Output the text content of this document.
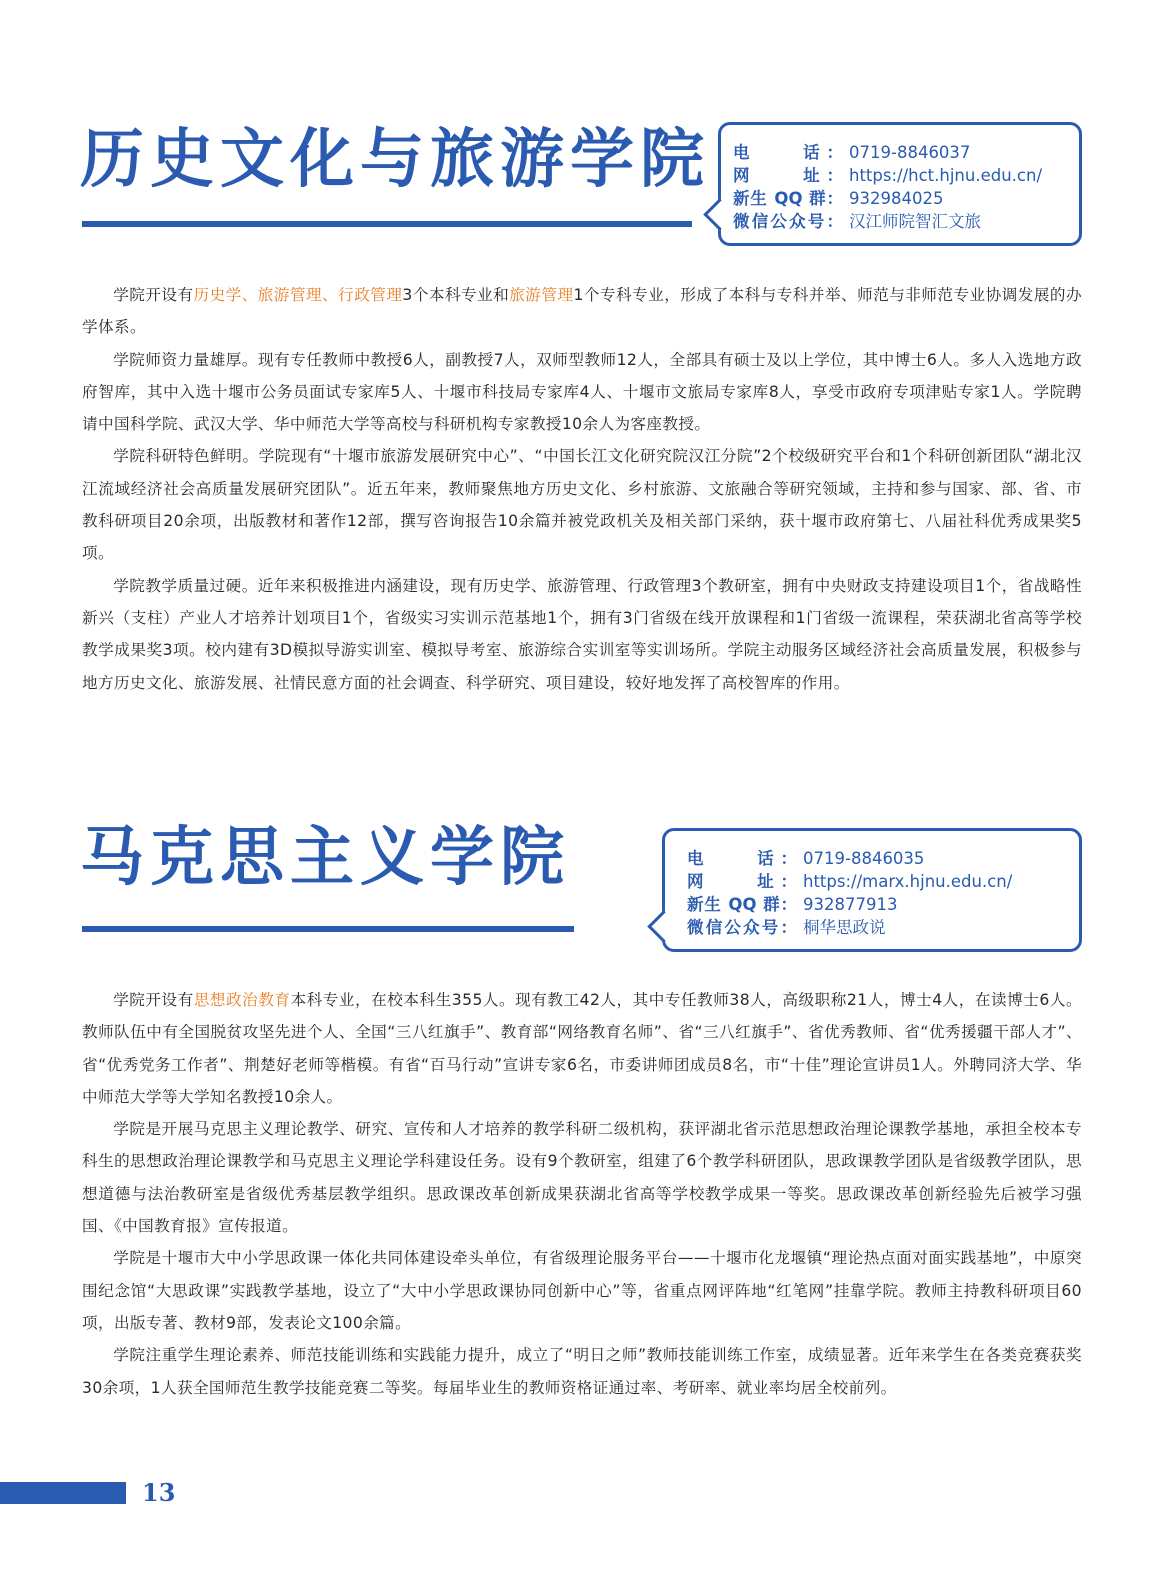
历史文化与旅游学院 电　　话： 0719-8846037
网　　址： https://hct.hjnu.edu.cn/
新生 QQ 群： 932984025
微信公众号： 汉江师院智汇文旅

学院开设有历史学、旅游管理、行政管理3个本科专业和旅游管理1个专科专业，形成了本科与专科并举、师范与非师范专业协调发展的办学体系。

学院师资力量雄厚。现有专任教师中教授6人，副教授7人，双师型教师12人，全部具有硕士及以上学位，其中博士6人。多人入选地方政府智库，其中入选十堰市公务员面试专家库5人、十堰市科技局专家库4人、十堰市文旅局专家库8人，享受市政府专项津贴专家1人。学院聘请中国科学院、武汉大学、华中师范大学等高校与科研机构专家教授10余人为客座教授。

学院科研特色鲜明。学院现有“十堰市旅游发展研究中心”、“中国长江文化研究院汉江分院”2个校级研究平台和1个科研创新团队“湖北汉江流域经济社会高质量发展研究团队”。近五年来，教师聚焦地方历史文化、乡村旅游、文旅融合等研究领域，主持和参与国家、部、省、市教科研项目20余项，出版教材和著作12部，撰写咨询报告10余篇并被党政机关及相关部门采纳，获十堰市政府第七、八届社科优秀成果奖5项。

学院教学质量过硬。近年来积极推进内涵建设，现有历史学、旅游管理、行政管理3个教研室，拥有中央财政支持建设项目1个，省战略性新兴（支柱）产业人才培养计划项目1个，省级实习实训示范基地1个，拥有3门省级在线开放课程和1门省级一流课程，荣获湖北省高等学校教学成果奖3项。校内建有3D模拟导游实训室、模拟导考室、旅游综合实训室等实训场所。学院主动服务区域经济社会高质量发展，积极参与地方历史文化、旅游发展、社情民意方面的社会调查、科学研究、项目建设，较好地发挥了高校智库的作用。

马克思主义学院	电　　话： 0719-8846035
网　　址： https://marx.hjnu.edu.cn/
新生 QQ 群： 932877913
微信公众号： 桐华思政说

学院开设有思想政治教育本科专业，在校本科生355人。现有教工42人，其中专任教师38人，高级职称21人，博士4人，在读博士6人。教师队伍中有全国脱贫攻坚先进个人、全国“三八红旗手”、教育部“网络教育名师”、省“三八红旗手”、省优秀教师、省“优秀援疆干部人才”、省“优秀党务工作者”、荆楚好老师等楷模。有省“百马行动”宣讲专家6名，市委讲师团成员8名，市“十佳”理论宣讲员1人。外聘同济大学、华中师范大学等大学知名教授10余人。

学院是开展马克思主义理论教学、研究、宣传和人才培养的教学科研二级机构，获评湖北省示范思想政治理论课教学基地，承担全校本专科生的思想政治理论课教学和马克思主义理论学科建设任务。设有9个教研室，组建了6个教学科研团队，思政课教学团队是省级教学团队，思想道德与法治教研室是省级优秀基层教学组织。思政课改革创新成果获湖北省高等学校教学成果一等奖。思政课改革创新经验先后被学习强国、《中国教育报》宣传报道。

学院是十堰市大中小学思政课一体化共同体建设牵头单位，有省级理论服务平台——十堰市化龙堰镇“理论热点面对面实践基地”，中原突围纪念馆“大思政课”实践教学基地，设立了“大中小学思政课协同创新中心”等，省重点网评阵地“红笔网”挂靠学院。教师主持教科研项目60项，出版专著、教材9部，发表论文100余篇。

学院注重学生理论素养、师范技能训练和实践能力提升，成立了“明日之师”教师技能训练工作室，成绩显著。近年来学生在各类竞赛获奖30余项，1人获全国师范生教学技能竞赛二等奖。每届毕业生的教师资格证通过率、考研率、就业率均居全校前列。

13
